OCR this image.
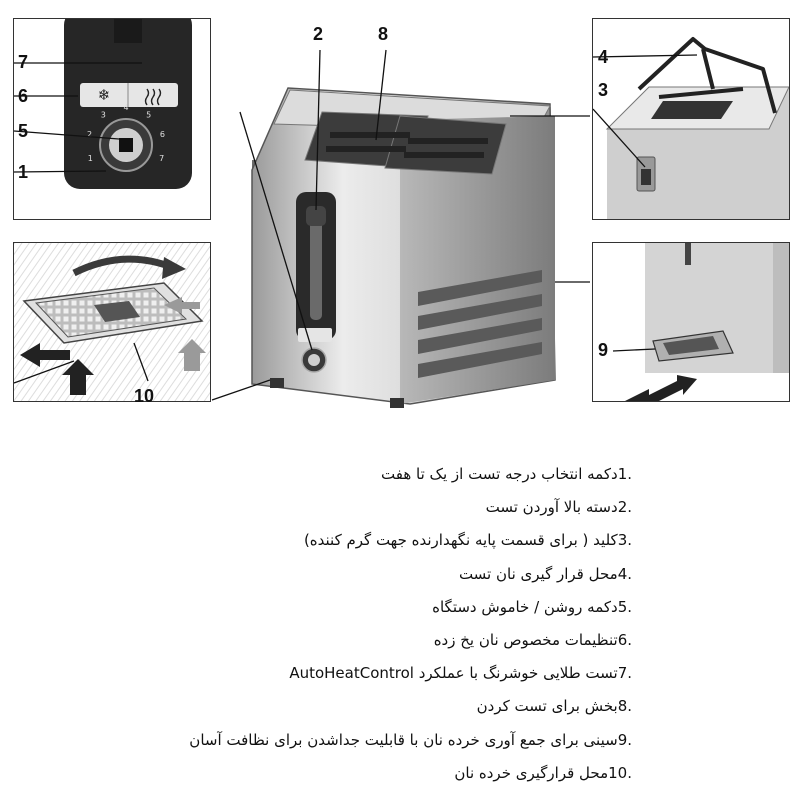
❄
1
2
3
4
5
6
7
1
2
3
4
5
6
7
8
9
10
1.دکمه انتخاب درجه تست از یک تا هفت
2.دسته بالا آوردن تست
3.کلید ( برای قسمت پایه نگهدارنده جهت گرم کننده)
4.محل قرار گیری نان تست
5.دکمه روشن / خاموش دستگاه
6.تنظیمات مخصوص نان یخ زده
7.تست طلایی خوشرنگ با عملکرد AutoHeatControl
8.بخش برای تست کردن
9.سینی برای جمع آوری خرده نان با قابلیت جداشدن برای نظافت آسان
10.محل قرارگیری خرده نان
